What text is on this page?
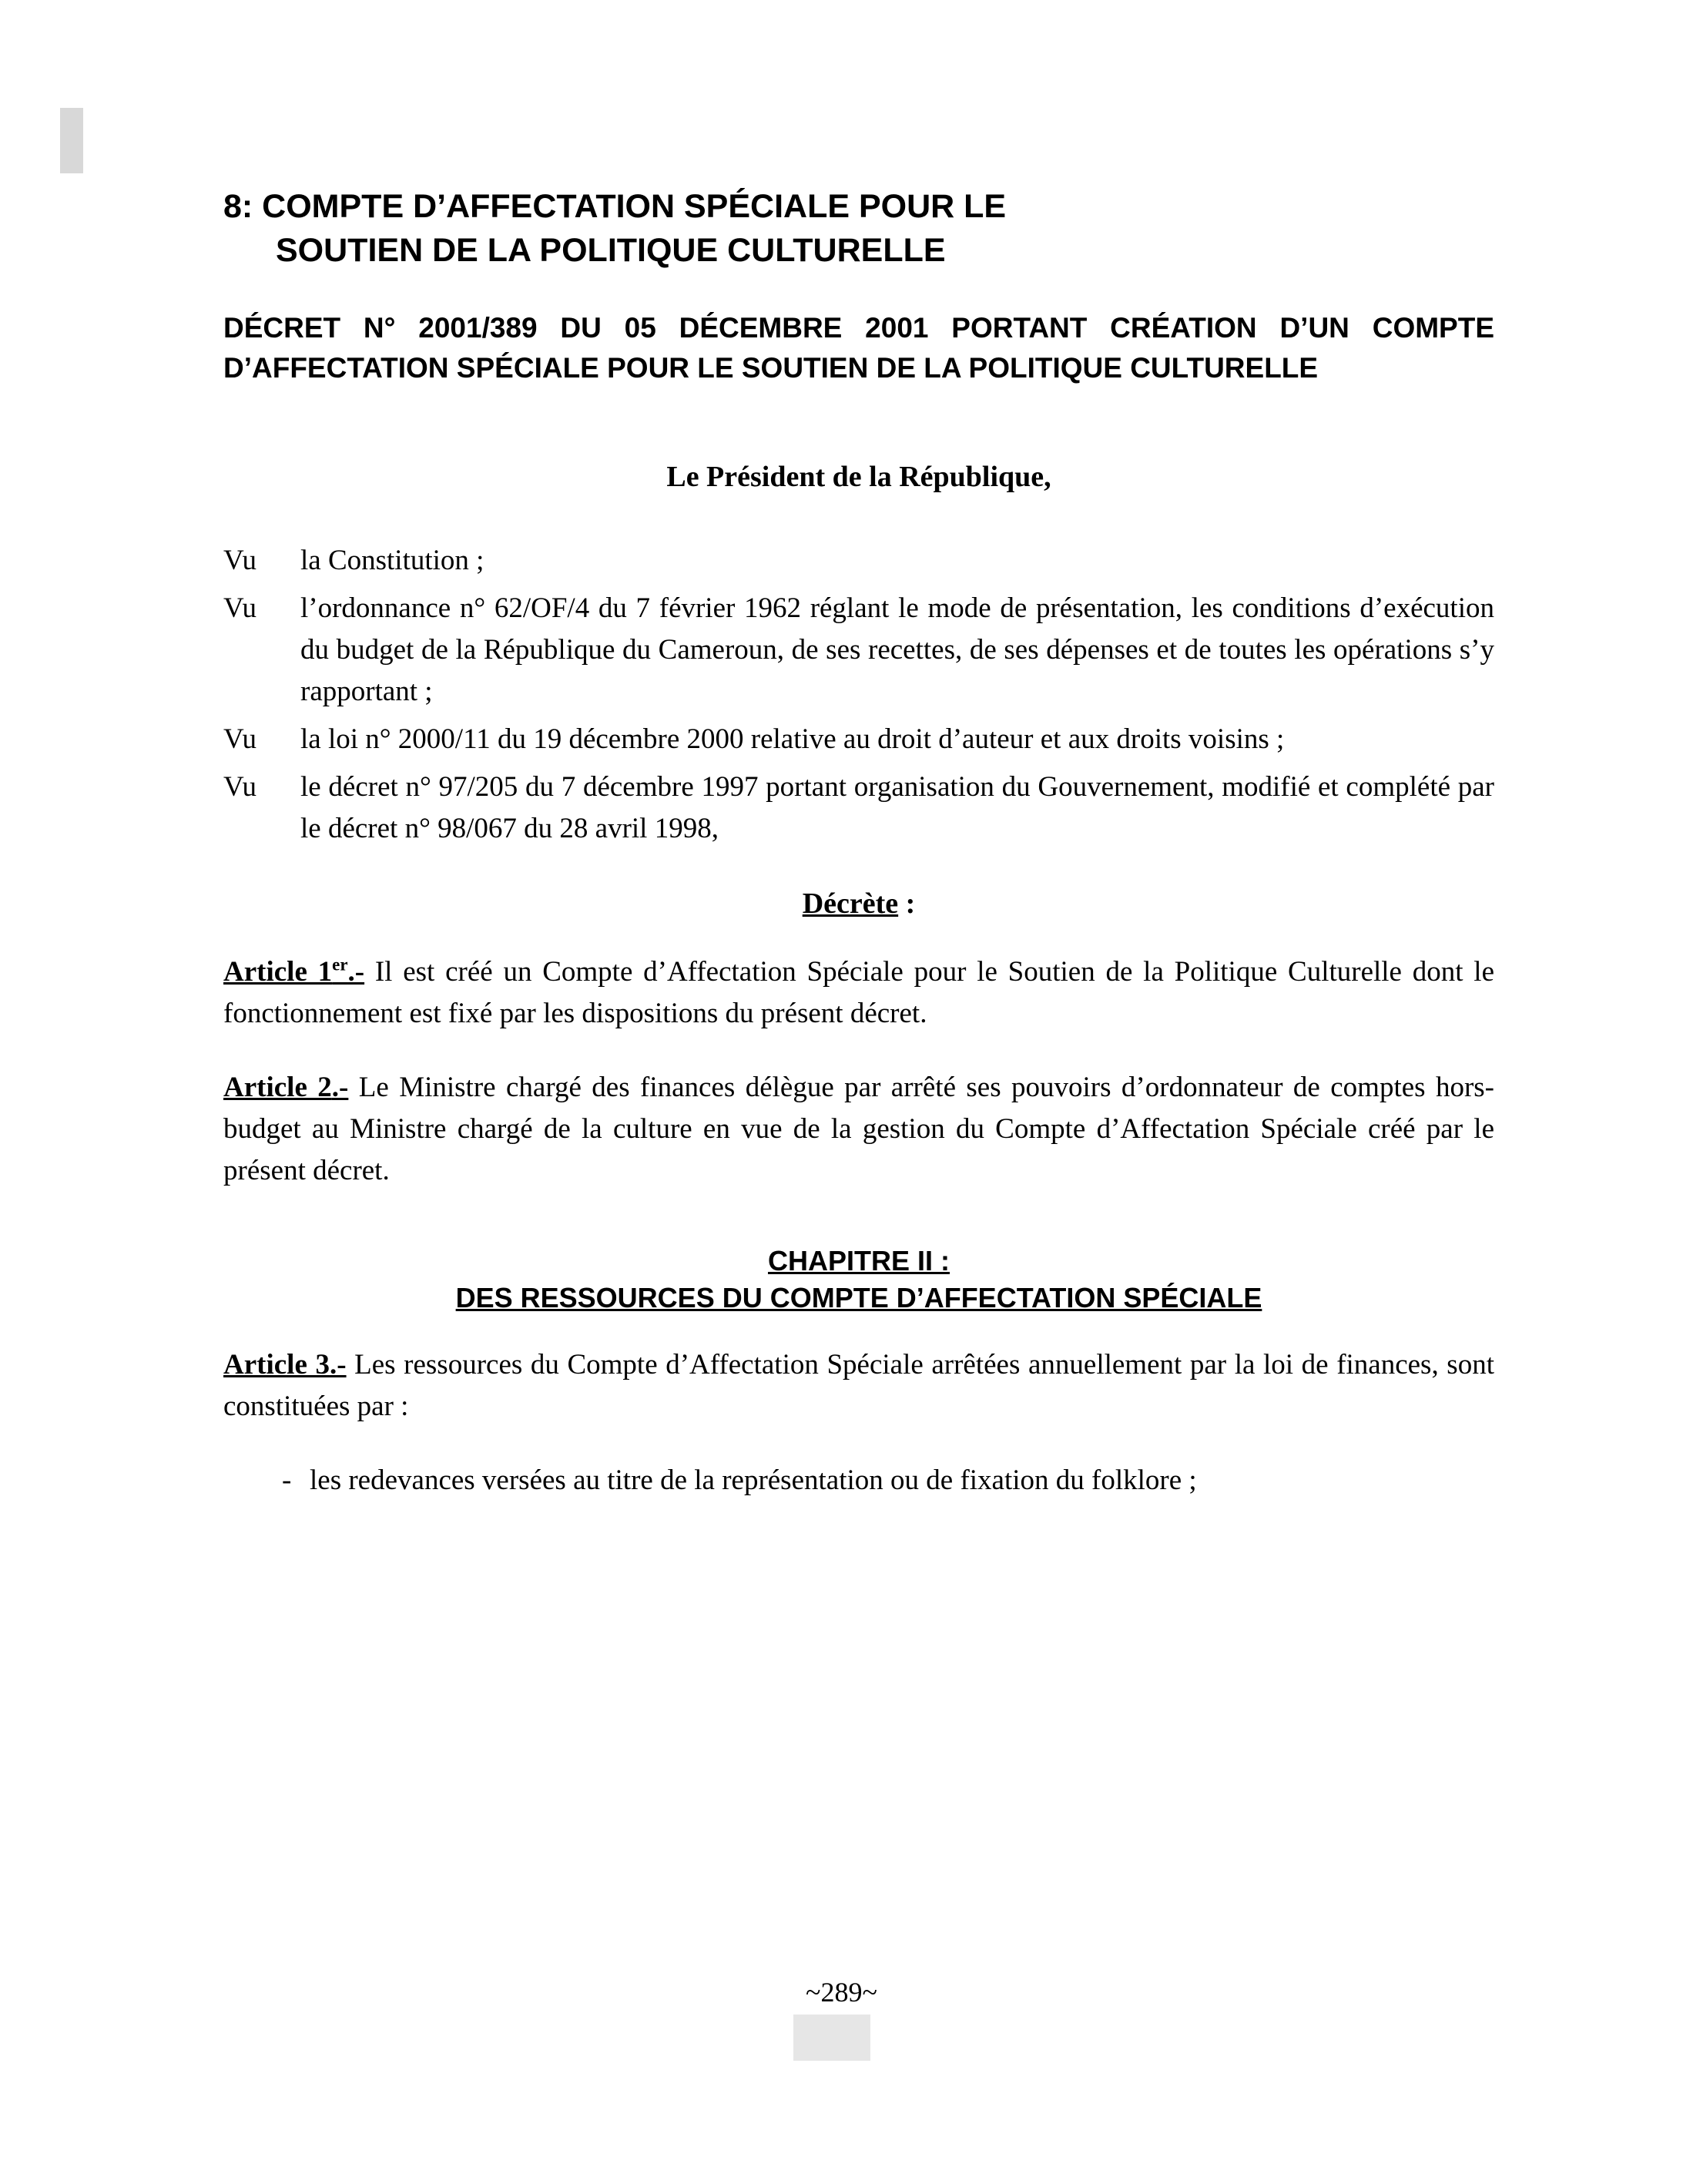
8: COMPTE D’AFFECTATION SPÉCIALE POUR LE
SOUTIEN DE LA POLITIQUE CULTURELLE
DÉCRET N° 2001/389 DU 05 DÉCEMBRE 2001 PORTANT CRÉATION D’UN COMPTE D’AFFECTATION SPÉCIALE POUR LE SOUTIEN DE LA POLITIQUE CULTURELLE
Le Président de la République,
Vu	la Constitution ;
Vu	l’ordonnance n° 62/OF/4 du 7 février 1962 réglant le mode de présentation, les conditions d’exécution du budget de la République du Cameroun, de ses recettes, de ses dépenses et de toutes les opérations s’y rapportant ;
Vu	la loi n° 2000/11 du 19 décembre 2000 relative au droit d’auteur et aux droits voisins ;
Vu	le décret n° 97/205 du 7 décembre 1997 portant organisation du Gouvernement, modifié et complété par le décret n° 98/067 du 28 avril 1998,
Décrète :

Article 1er.- Il est créé un Compte d’Affectation Spéciale pour le Soutien de la Politique Culturelle dont le fonctionnement est fixé par les dispositions du présent décret.

Article 2.- Le Ministre chargé des finances délègue par arrêté ses pouvoirs d’ordonnateur de comptes hors-budget au Ministre chargé de la culture en vue de la gestion du Compte d’Affectation Spéciale créé par le présent décret.

CHAPITRE II :
DES RESSOURCES DU COMPTE D’AFFECTATION SPÉCIALE

Article 3.- Les ressources du Compte d’Affectation Spéciale arrêtées annuellement par la loi de finances, sont constituées par :

- les redevances versées au titre de la représentation ou de fixation du folklore ;
~289~
